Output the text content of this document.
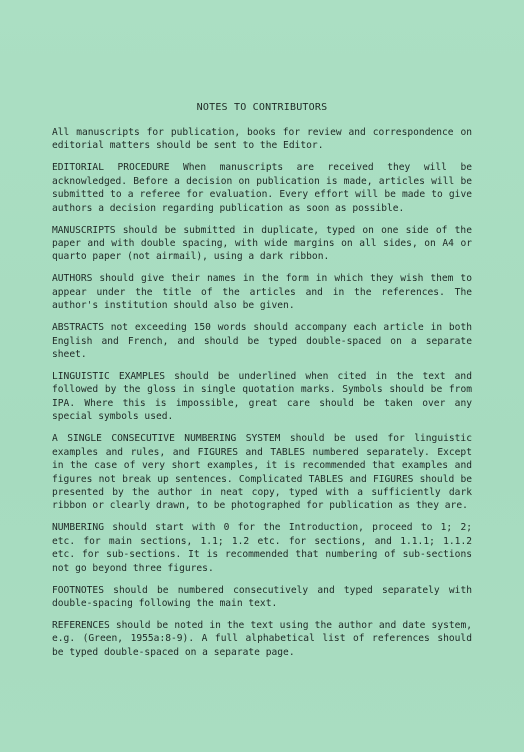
NOTES TO CONTRIBUTORS

All manuscripts for publication, books for review and correspondence on editorial matters should be sent to the Editor.

EDITORIAL PROCEDURE When manuscripts are received they will be acknowledged. Before a decision on publication is made, articles will be submitted to a referee for evaluation. Every effort will be made to give authors a decision regarding publication as soon as possible.

MANUSCRIPTS should be submitted in duplicate, typed on one side of the paper and with double spacing, with wide margins on all sides, on A4 or quarto paper (not airmail), using a dark ribbon.

AUTHORS should give their names in the form in which they wish them to appear under the title of the articles and in the references. The author's institution should also be given.

ABSTRACTS not exceeding 150 words should accompany each article in both English and French, and should be typed double-spaced on a separate sheet.

LINGUISTIC EXAMPLES should be underlined when cited in the text and followed by the gloss in single quotation marks. Symbols should be from IPA. Where this is impossible, great care should be taken over any special symbols used.

A SINGLE CONSECUTIVE NUMBERING SYSTEM should be used for linguistic examples and rules, and FIGURES and TABLES numbered separately. Except in the case of very short examples, it is recommended that examples and figures not break up sentences. Complicated TABLES and FIGURES should be presented by the author in neat copy, typed with a sufficiently dark ribbon or clearly drawn, to be photographed for publication as they are.

NUMBERING should start with 0 for the Introduction, proceed to 1; 2; etc. for main sections, 1.1; 1.2 etc. for sections, and 1.1.1; 1.1.2 etc. for sub-sections. It is recommended that numbering of sub-sections not go beyond three figures.

FOOTNOTES should be numbered consecutively and typed separately with double-spacing following the main text.

REFERENCES should be noted in the text using the author and date system, e.g. (Green, 1955a:8-9). A full alphabetical list of references should be typed double-spaced on a separate page.
